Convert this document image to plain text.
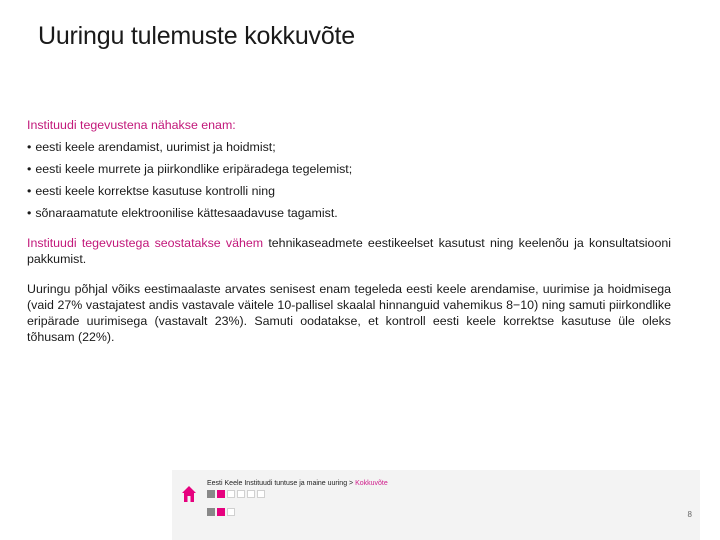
Uuringu tulemuste kokkuvõte

Instituudi tegevustena nähakse enam:

• eesti keele arendamist, uurimist ja hoidmist;
• eesti keele murrete ja piirkondlike eripäradega tegelemist;
• eesti keele korrektse kasutuse kontrolli ning
• sõnaraamatute elektroonilise kättesaadavuse tagamist.

Instituudi tegevustega seostatakse vähem tehnikaseadmete eestikeelset kasutust ning keelenõu ja konsultatsiooni pakkumist.

Uuringu põhjal võiks eestimaalaste arvates senisest enam tegeleda eesti keele arendamise, uurimise ja hoidmisega (vaid 27% vastajatest andis vastavale väitele 10-pallisel skaalal hinnanguid vahemikus 8−10) ning samuti piirkondlike eripärade uurimisega (vastavalt 23%). Samuti oodatakse, et kontroll eesti keele korrektse kasutuse üle oleks tõhusam (22%).

Eesti Keele Instituudi tuntuse ja maine uuring > Kokkuvõte
8
